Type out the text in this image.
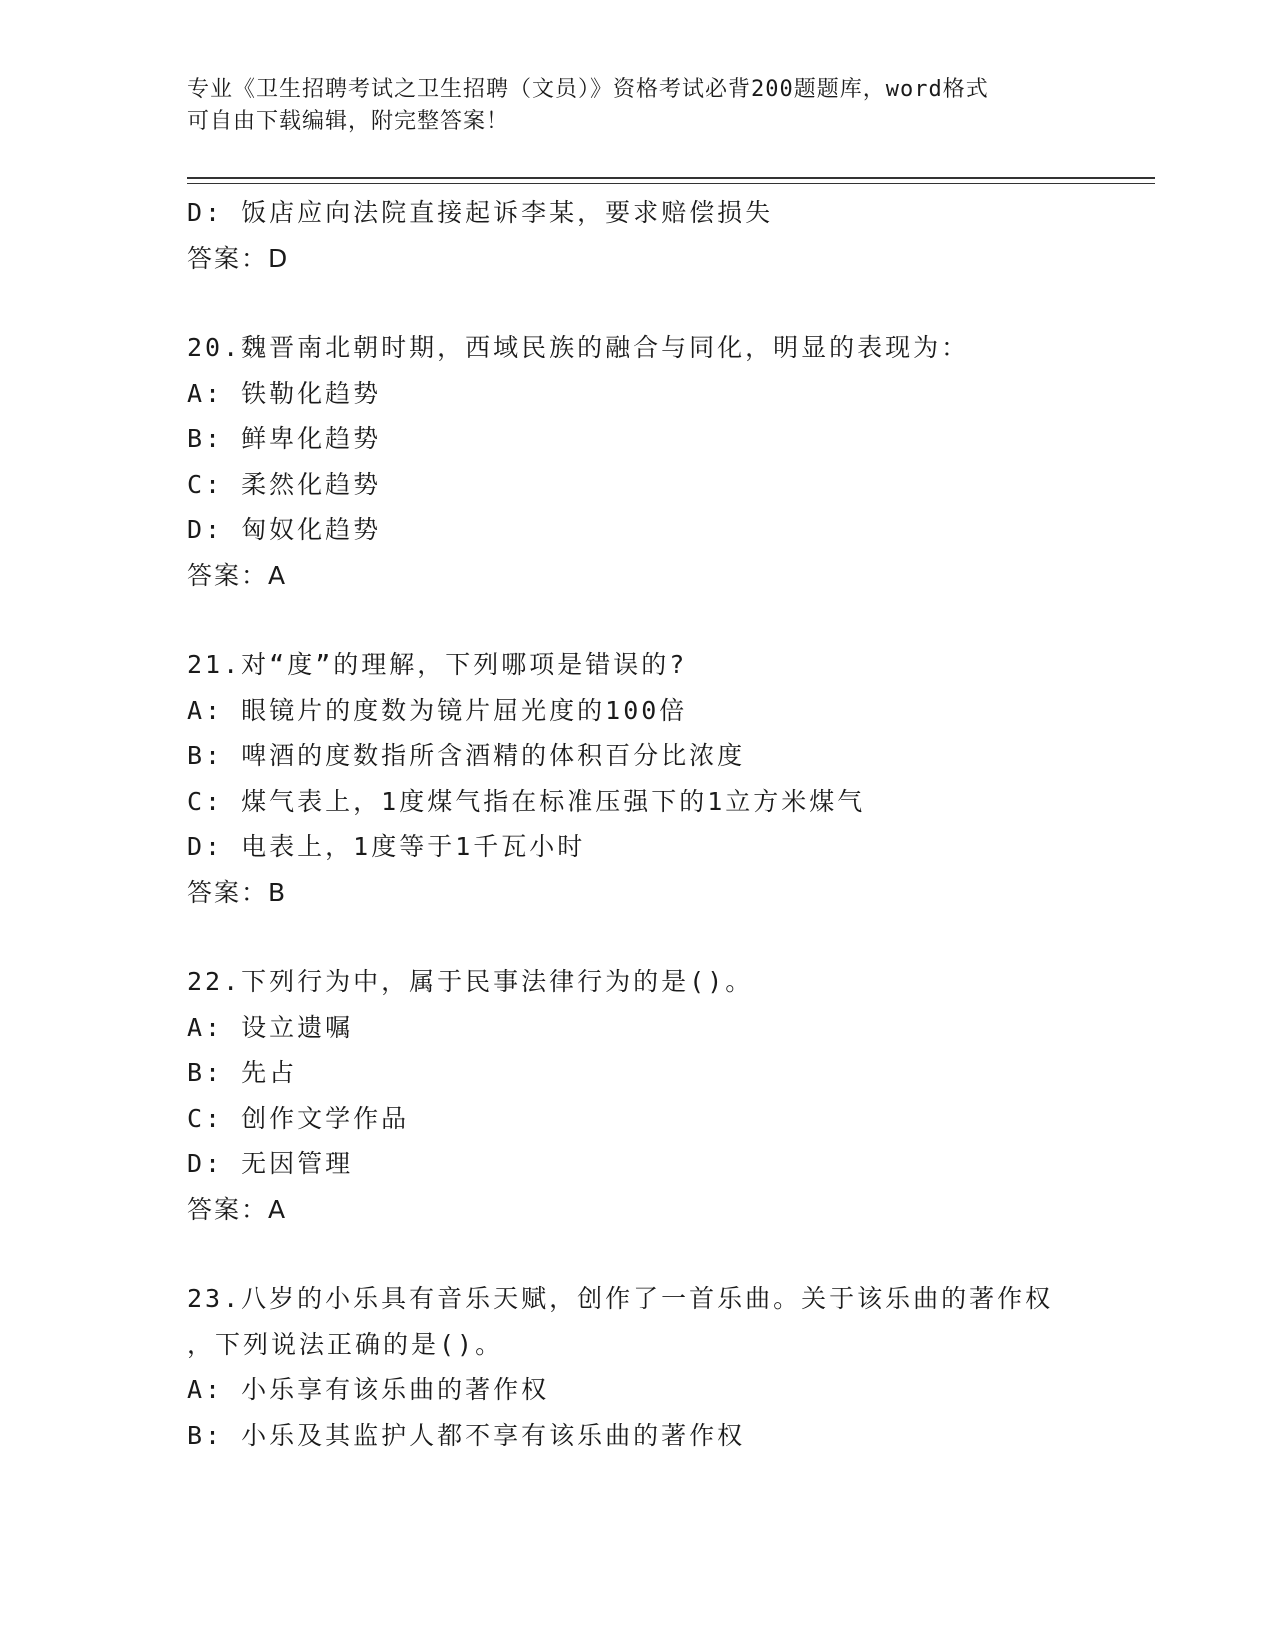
专业《卫生招聘考试之卫生招聘（文员）》资格考试必背200题题库，word格式
可自由下载编辑，附完整答案！
D: 饭店应向法院直接起诉李某，要求赔偿损失
答案：D
20.魏晋南北朝时期，西域民族的融合与同化，明显的表现为：
A: 铁勒化趋势
B: 鲜卑化趋势
C: 柔然化趋势
D: 匈奴化趋势
答案：A
21.对“度”的理解，下列哪项是错误的?
A: 眼镜片的度数为镜片屈光度的100倍
B: 啤酒的度数指所含酒精的体积百分比浓度
C: 煤气表上，1度煤气指在标准压强下的1立方米煤气
D: 电表上，1度等于1千瓦小时
答案：B
22.下列行为中，属于民事法律行为的是()。
A: 设立遗嘱
B: 先占
C: 创作文学作品
D: 无因管理
答案：A
23.八岁的小乐具有音乐天赋，创作了一首乐曲。关于该乐曲的著作权
，下列说法正确的是()。
A: 小乐享有该乐曲的著作权
B: 小乐及其监护人都不享有该乐曲的著作权
